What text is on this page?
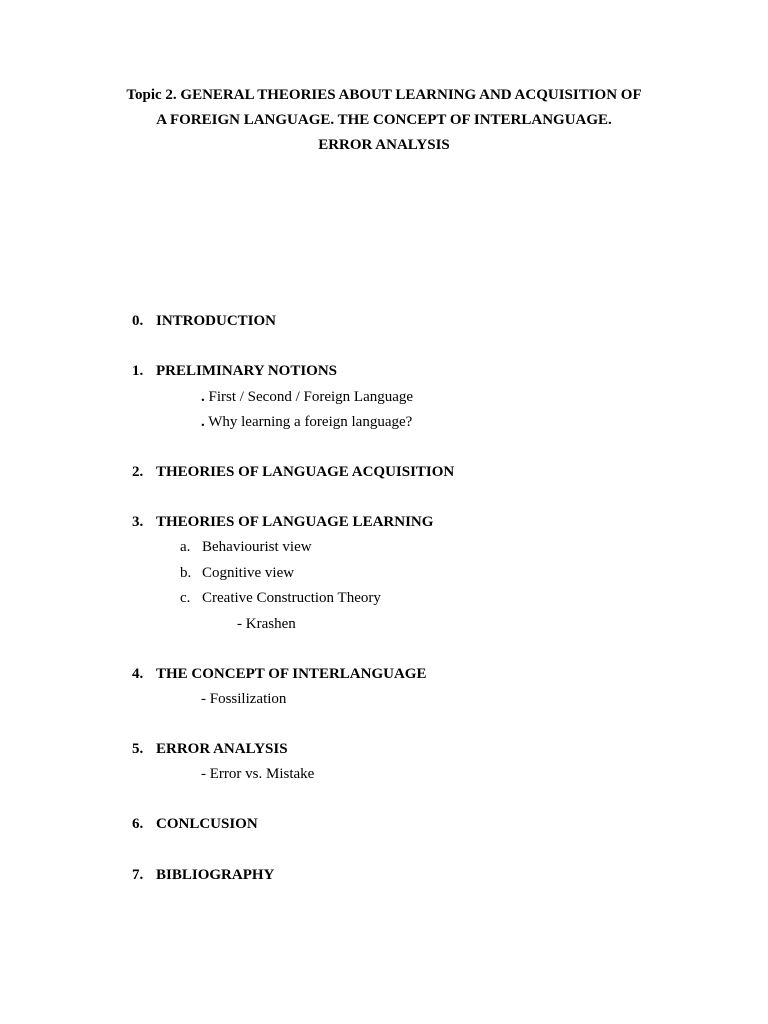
Topic 2. GENERAL THEORIES ABOUT LEARNING AND ACQUISITION OF
A FOREIGN LANGUAGE. THE CONCEPT OF INTERLANGUAGE.
ERROR ANALYSIS
0. INTRODUCTION
1. PRELIMINARY NOTIONS
. First / Second / Foreign Language
. Why learning a foreign language?
2. THEORIES OF LANGUAGE ACQUISITION
3. THEORIES OF LANGUAGE LEARNING
a. Behaviourist view
b. Cognitive view
c. Creative Construction Theory
- Krashen
4. THE CONCEPT OF INTERLANGUAGE
- Fossilization
5. ERROR ANALYSIS
- Error vs. Mistake
6. CONLCUSION
7. BIBLIOGRAPHY
